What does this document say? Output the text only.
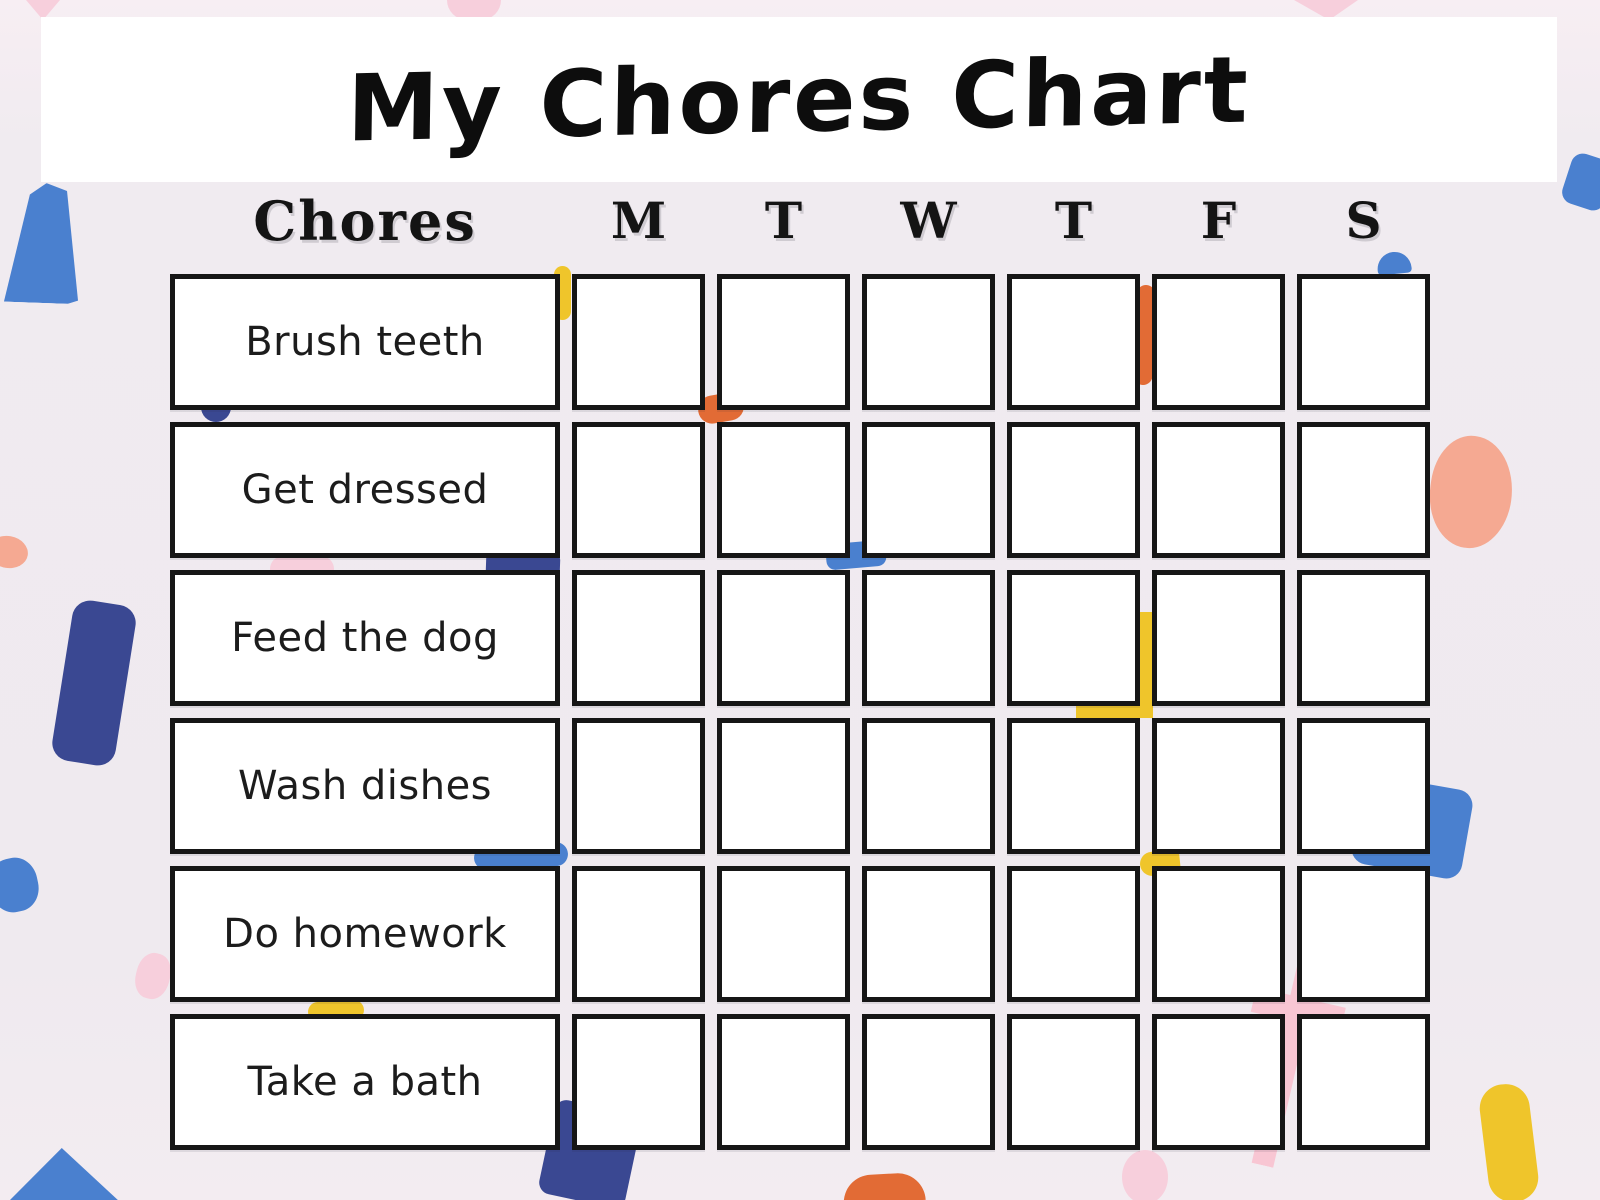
My Chores Chart
Chores	M	T	W	T	F	S
Brush teeth
Get dressed
Feed the dog
Wash dishes
Do homework
Take a bath
